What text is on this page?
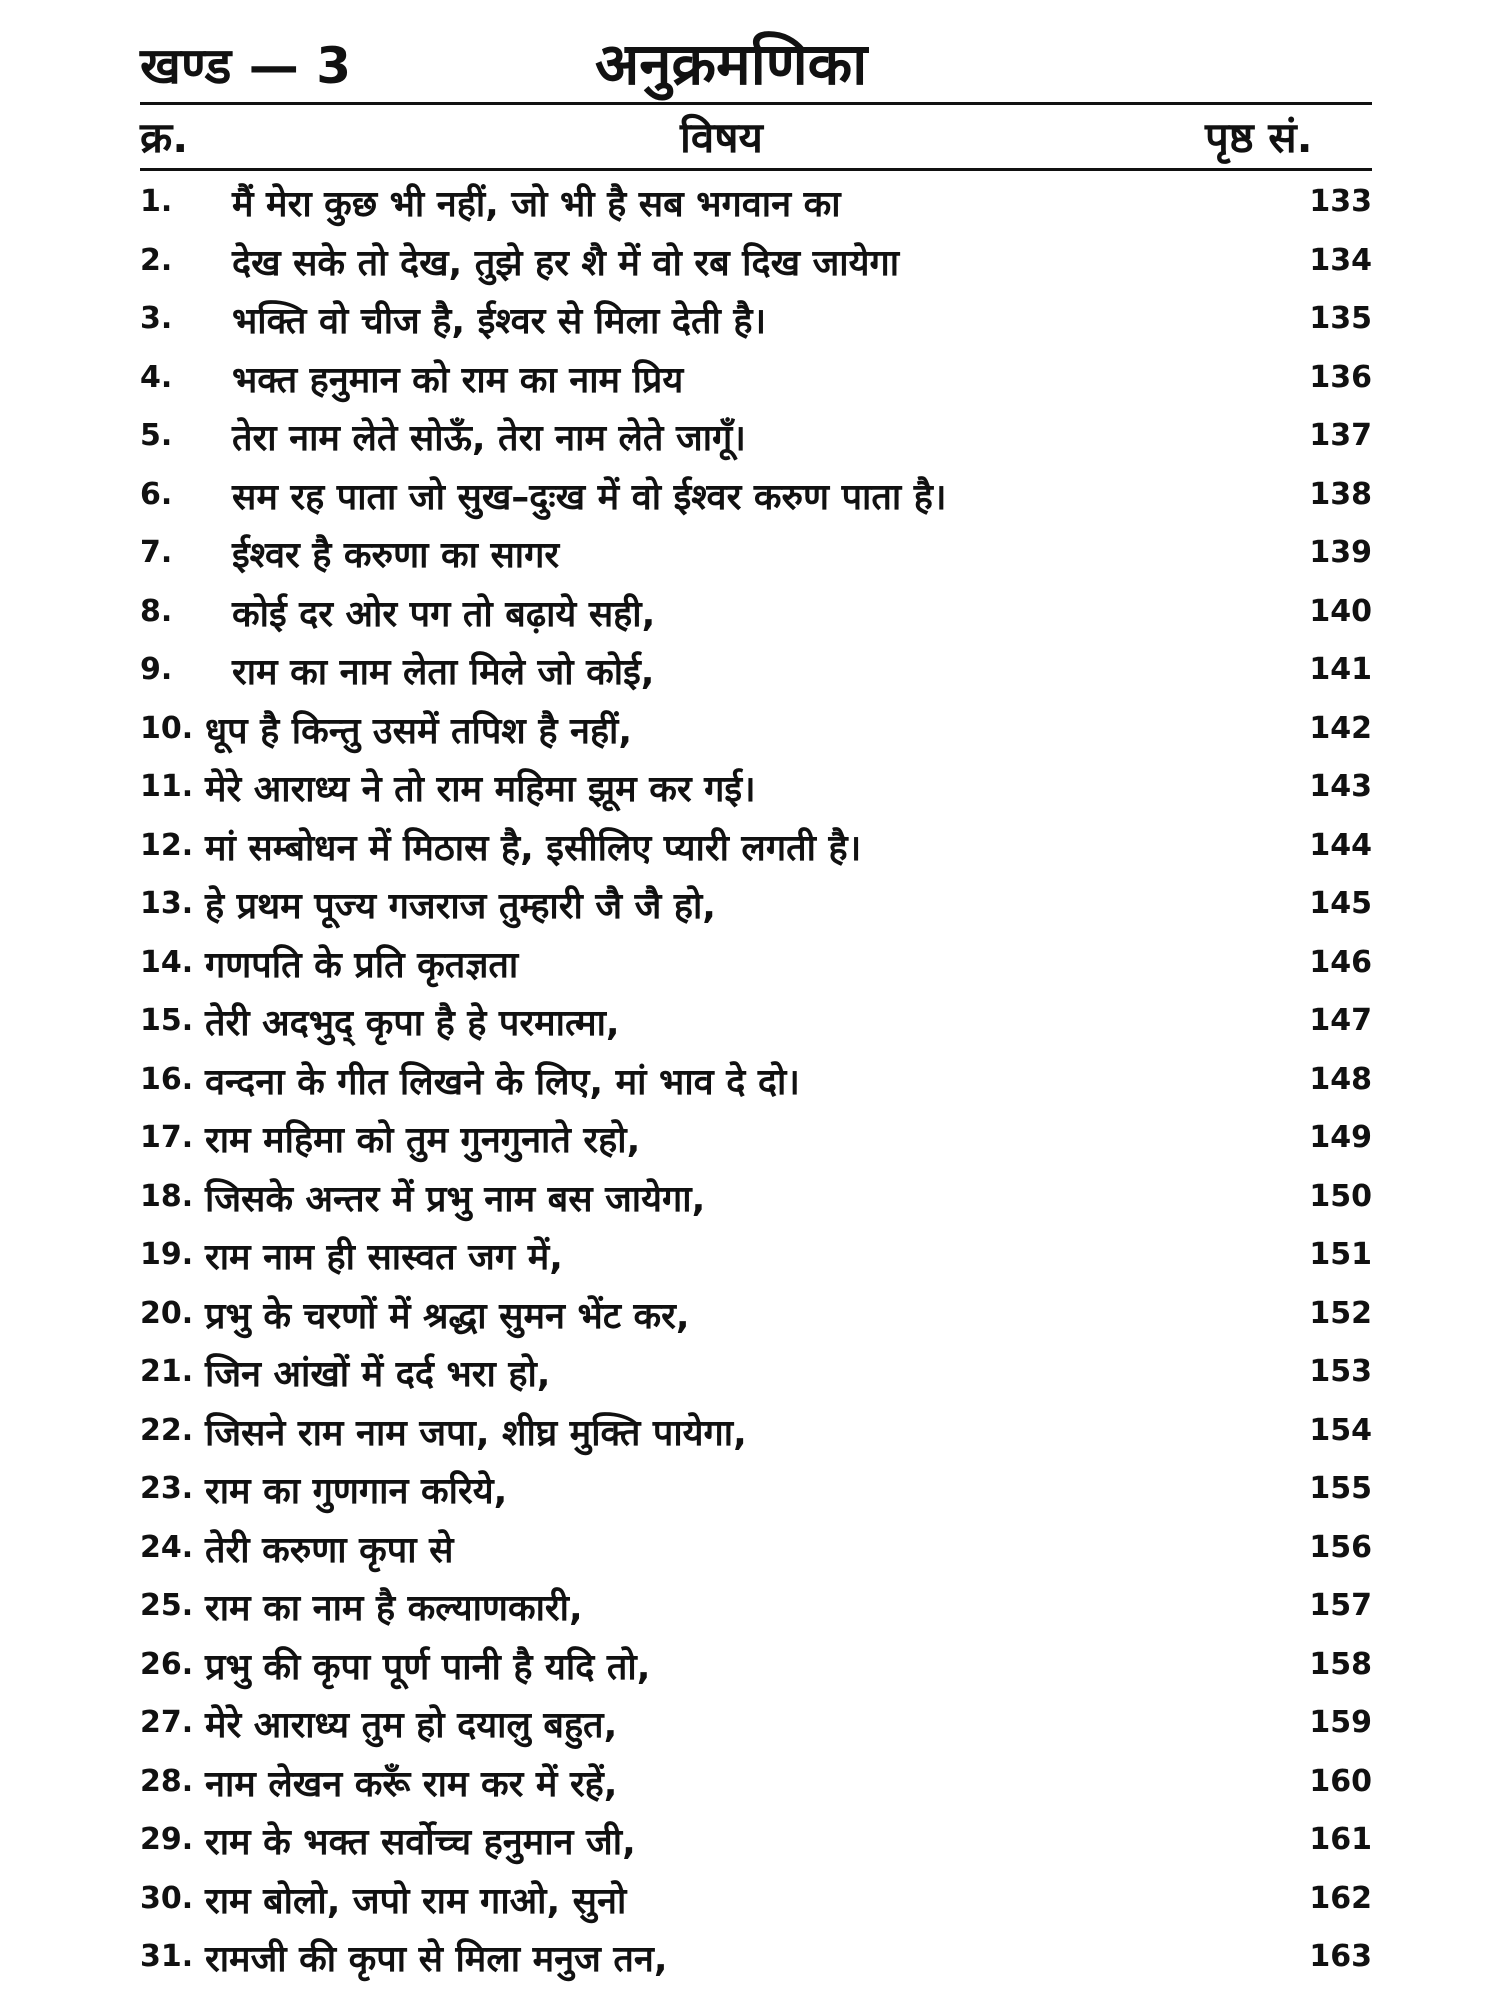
खण्ड — 3	अनुक्रमणिका
क्र.	विषय	पृष्ठ सं.
1. मैं मेरा कुछ भी नहीं, जो भी है सब भगवान का	133
2. देख सके तो देख, तुझे हर शै में वो रब दिख जायेगा	134
3. भक्ति वो चीज है, ईश्वर से मिला देती है।	135
4. भक्त हनुमान को राम का नाम प्रिय	136
5. तेरा नाम लेते सोऊँ, तेरा नाम लेते जागूँ।	137
6. सम रह पाता जो सुख–दुःख में वो ईश्वर करुण पाता है।	138
7. ईश्वर है करुणा का सागर	139
8. कोई दर ओर पग तो बढ़ाये सही,	140
9. राम का नाम लेता मिले जो कोई,	141
10. धूप है किन्तु उसमें तपिश है नहीं,	142
11. मेरे आराध्य ने तो राम महिमा झूम कर गई।	143
12. मां सम्बोधन में मिठास है, इसीलिए प्यारी लगती है।	144
13. हे प्रथम पूज्य गजराज तुम्हारी जै जै हो,	145
14. गणपति के प्रति कृतज्ञता	146
15. तेरी अदभुद् कृपा है हे परमात्मा,	147
16. वन्दना के गीत लिखने के लिए, मां भाव दे दो।	148
17. राम महिमा को तुम गुनगुनाते रहो,	149
18. जिसके अन्तर में प्रभु नाम बस जायेगा,	150
19. राम नाम ही सास्वत जग में,	151
20. प्रभु के चरणों में श्रद्धा सुमन भेंट कर,	152
21. जिन आंखों में दर्द भरा हो,	153
22. जिसने राम नाम जपा, शीघ्र मुक्ति पायेगा,	154
23. राम का गुणगान करिये,	155
24. तेरी करुणा कृपा से	156
25. राम का नाम है कल्याणकारी,	157
26. प्रभु की कृपा पूर्ण पानी है यदि तो,	158
27. मेरे आराध्य तुम हो दयालु बहुत,	159
28. नाम लेखन करूँ राम कर में रहें,	160
29. राम के भक्त सर्वोच्च हनुमान जी,	161
30. राम बोलो, जपो राम गाओ, सुनो	162
31. रामजी की कृपा से मिला मनुज तन,	163
